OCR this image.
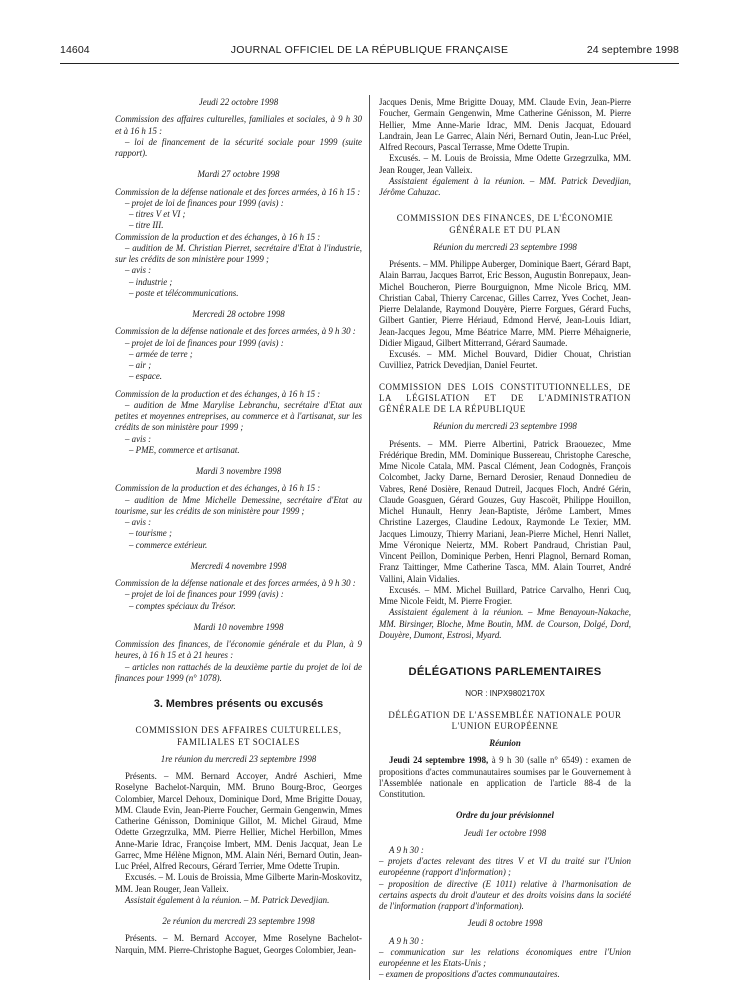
14604	JOURNAL OFFICIEL DE LA RÉPUBLIQUE FRANÇAISE	24 septembre 1998

Jeudi 22 octobre 1998

Commission des affaires culturelles, familiales et sociales, à 9 h 30 et à 16 h 15 :

– loi de financement de la sécurité sociale pour 1999 (suite rapport).

Mardi 27 octobre 1998

Commission de la défense nationale et des forces armées, à 16 h 15 :

– projet de loi de finances pour 1999 (avis) :

– titres V et VI ;

– titre III.

Commission de la production et des échanges, à 16 h 15 :

– audition de M. Christian Pierret, secrétaire d'Etat à l'industrie, sur les crédits de son ministère pour 1999 ;

– avis :

– industrie ;

– poste et télécommunications.

Mercredi 28 octobre 1998

Commission de la défense nationale et des forces armées, à 9 h 30 :

– projet de loi de finances pour 1999 (avis) :

– armée de terre ;

– air ;

– espace.

Commission de la production et des échanges, à 16 h 15 :

– audition de Mme Marylise Lebranchu, secrétaire d'Etat aux petites et moyennes entreprises, au commerce et à l'artisanat, sur les crédits de son ministère pour 1999 ;

– avis :

– PME, commerce et artisanat.

Mardi 3 novembre 1998

Commission de la production et des échanges, à 16 h 15 :

– audition de Mme Michelle Demessine, secrétaire d'Etat au tourisme, sur les crédits de son ministère pour 1999 ;

– avis :

– tourisme ;

– commerce extérieur.

Mercredi 4 novembre 1998

Commission de la défense nationale et des forces armées, à 9 h 30 :

– projet de loi de finances pour 1999 (avis) :

– comptes spéciaux du Trésor.

Mardi 10 novembre 1998

Commission des finances, de l'économie générale et du Plan, à 9 heures, à 16 h 15 et à 21 heures :

– articles non rattachés de la deuxième partie du projet de loi de finances pour 1999 (n° 1078).

3. Membres présents ou excusés

COMMISSION DES AFFAIRES CULTURELLES, FAMILIALES ET SOCIALES

1re réunion du mercredi 23 septembre 1998

Présents. – MM. Bernard Accoyer, André Aschieri, Mme Roselyne Bachelot-Narquin, MM. Bruno Bourg-Broc, Georges Colombier, Marcel Dehoux, Dominique Dord, Mme Brigitte Douay, MM. Claude Evin, Jean-Pierre Foucher, Germain Gengenwin, Mmes Catherine Génisson, Dominique Gillot, M. Michel Giraud, Mme Odette Grzegrzulka, MM. Pierre Hellier, Michel Herbillon, Mmes Anne-Marie Idrac, Françoise Imbert, MM. Denis Jacquat, Jean Le Garrec, Mme Hélène Mignon, MM. Alain Néri, Bernard Outin, Jean-Luc Préel, Alfred Recours, Gérard Terrier, Mme Odette Trupin.

Excusés. – M. Louis de Broissia, Mme Gilberte Marin-Moskovitz, MM. Jean Rouger, Jean Valleix.

Assistait également à la réunion. – M. Patrick Devedjian.

2e réunion du mercredi 23 septembre 1998

Présents. – M. Bernard Accoyer, Mme Roselyne Bachelot-Narquin, MM. Pierre-Christophe Baguet, Georges Colombier, Jean-

Jacques Denis, Mme Brigitte Douay, MM. Claude Evin, Jean-Pierre Foucher, Germain Gengenwin, Mme Catherine Génisson, M. Pierre Hellier, Mme Anne-Marie Idrac, MM. Denis Jacquat, Edouard Landrain, Jean Le Garrec, Alain Néri, Bernard Outin, Jean-Luc Préel, Alfred Recours, Pascal Terrasse, Mme Odette Trupin.

Excusés. – M. Louis de Broissia, Mme Odette Grzegrzulka, MM. Jean Rouger, Jean Valleix.

Assistaient également à la réunion. – MM. Patrick Devedjian, Jérôme Cahuzac.

COMMISSION DES FINANCES, DE L'ÉCONOMIE GÉNÉRALE ET DU PLAN

Réunion du mercredi 23 septembre 1998

Présents. – MM. Philippe Auberger, Dominique Baert, Gérard Bapt, Alain Barrau, Jacques Barrot, Eric Besson, Augustin Bonrepaux, Jean-Michel Boucheron, Pierre Bourguignon, Mme Nicole Bricq, MM. Christian Cabal, Thierry Carcenac, Gilles Carrez, Yves Cochet, Jean-Pierre Delalande, Raymond Douyère, Pierre Forgues, Gérard Fuchs, Gilbert Gantier, Pierre Hériaud, Edmond Hervé, Jean-Louis Idiart, Jean-Jacques Jegou, Mme Béatrice Marre, MM. Pierre Méhaignerie, Didier Migaud, Gilbert Mitterrand, Gérard Saumade.

Excusés. – MM. Michel Bouvard, Didier Chouat, Christian Cuvilliez, Patrick Devedjian, Daniel Feurtet.

COMMISSION DES LOIS CONSTITUTIONNELLES, DE LA LÉGISLATION ET DE L'ADMINISTRATION GÉNÉRALE DE LA RÉPUBLIQUE

Réunion du mercredi 23 septembre 1998

Présents. – MM. Pierre Albertini, Patrick Braouezec, Mme Frédérique Bredin, MM. Dominique Bussereau, Christophe Caresche, Mme Nicole Catala, MM. Pascal Clément, Jean Codognès, François Colcombet, Jacky Darne, Bernard Derosier, Renaud Donnedieu de Vabres, René Dosière, Renaud Dutreil, Jacques Floch, André Gérin, Claude Goasguen, Gérard Gouzes, Guy Hascoët, Philippe Houillon, Michel Hunault, Henry Jean-Baptiste, Jérôme Lambert, Mmes Christine Lazerges, Claudine Ledoux, Raymonde Le Texier, MM. Jacques Limouzy, Thierry Mariani, Jean-Pierre Michel, Henri Nallet, Mme Véronique Neiertz, MM. Robert Pandraud, Christian Paul, Vincent Peillon, Dominique Perben, Henri Plagnol, Bernard Roman, Franz Taittinger, Mme Catherine Tasca, MM. Alain Tourret, André Vallini, Alain Vidalies.

Excusés. – MM. Michel Buillard, Patrice Carvalho, Henri Cuq, Mme Nicole Feidt, M. Pierre Frogier.

Assistaient également à la réunion. – Mme Benayoun-Nakache, MM. Birsinger, Bloche, Mme Boutin, MM. de Courson, Dolgé, Dord, Douyère, Dumont, Estrosi, Myard.

DÉLÉGATIONS PARLEMENTAIRES

NOR : INPX9802170X

DÉLÉGATION DE L'ASSEMBLÉE NATIONALE POUR L'UNION EUROPÉENNE

Réunion

Jeudi 24 septembre 1998, à 9 h 30 (salle n° 6549) : examen de propositions d'actes communautaires soumises par le Gouvernement à l'Assemblée nationale en application de l'article 88-4 de la Constitution.

Ordre du jour prévisionnel

Jeudi 1er octobre 1998

A 9 h 30 :

– projets d'actes relevant des titres V et VI du traité sur l'Union européenne (rapport d'information) ;

– proposition de directive (E 1011) relative à l'harmonisation de certains aspects du droit d'auteur et des droits voisins dans la société de l'information (rapport d'information).

Jeudi 8 octobre 1998

A 9 h 30 :

– communication sur les relations économiques entre l'Union européenne et les Etats-Unis ;

– examen de propositions d'actes communautaires.
